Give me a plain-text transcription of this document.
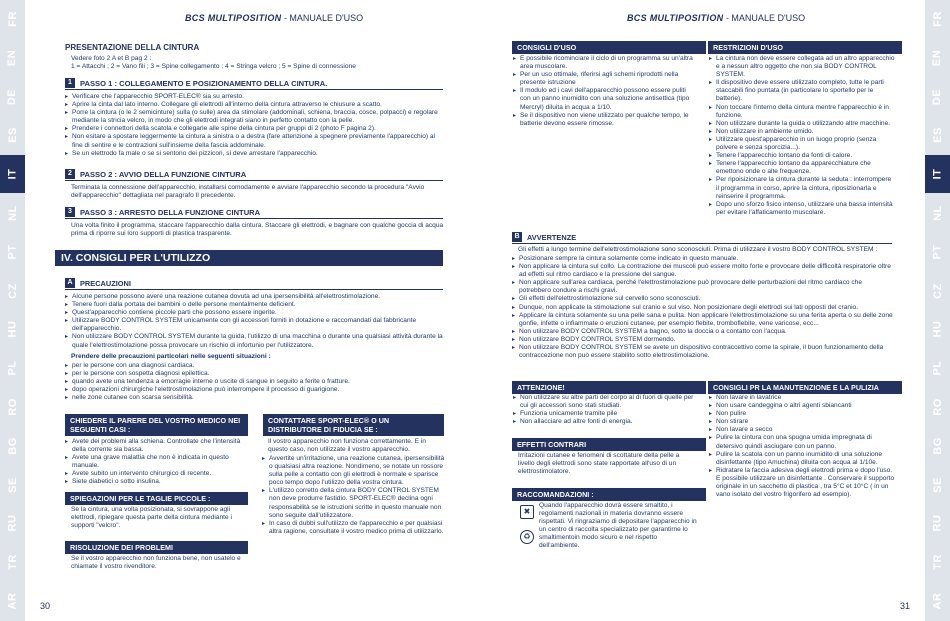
FR
EN
DE
ES
IT
NL
PT
CZ
HU
PL
RO
BG
SE
RU
TR
AR
FR
EN
DE
ES
IT
NL
PT
CZ
HU
PL
RO
BG
SE
RU
TR
AR
BCS MULTIPOSITION - MANUALE D'USO	BCS MULTIPOSITION - MANUALE D'USO
30	31
PRESENTAZIONE DELLA CINTURA

Vedere foto 2 A et B pag 2 :

1 = Attacchi ; 2 = Vano fili ; 3 = Spine collegamento ; 4 = Stringa velcro ; 5 = Spine di connessione

1	PASSO 1 : COLLEGAMENTO E POSIZIONAMENTO DELLA CINTURA.
▸ Verificare che l'apparecchio SPORT-ELEC® sia su arresto.
▸ Aprire la cinta dal lato interno. Collegare gli elettrodi all'interno della cintura attraverso le chiusure a scatto.
▸ Porre la cintura (o le 2 semicinture) sulla (o sulle) area da stimolare (addominali, schiena, braccia, cosce, polpacci) e regolare mediante la stricia velcro, in modo che gli elettrodi integrati siano in perfetto contatto con la pelle.
▸ Prendere i connettori della scatola e collegarle alle spine della cintura per gruppi di 2 (photo F pagina 2).
▸ Non esitare a spostare leggermente la cintura a sinistra o a destra (fare attenzione a spegnere previamente l'apparecchio) al fine di sentire e le contrazioni sull'insieme della fascia addominale.
▸ Se un elettrodo fa male o se si sentono dei pizzicori, si deve arrestare l'apparecchio.
2	PASSO 2 : AVVIO DELLA FUNZIONE CINTURA
Terminata la connessione dell'apparecchio, installarsi comodamente e avviare l'apparecchio secondo la procedura "Avvio dell'apparecchio" dettagliata nel paragrafo Il precedente.
3	PASSO 3 : ARRESTO DELLA FUNZIONE CINTURA
Una volta finito il programma, staccare l'apparecchio dalla cintura. Staccare gli elettrodi, e bagnare con qualche goccia di acqua prima di riporre sui loro supporti di plastica trasparente.
IV. CONSIGLI PER L'UTILIZZO
A	PRECAUZIONI
▸ Alcune persone possono avere una reazione cutanea dovuta ad una ipersensibilità all'elettrostimolazione.
▸ Tenere fuori dalla portata dei bambini o delle persone mentalmente deficient.
▸ Quest'apparecchio contiene piccole parti che possono essere ingerite.
▸ Utilizzare BODY CONTROL SYSTEM unicamente con gli accessori forniti in dotazione e raccomandati dal fabbricante dell'apparecchio.
▸ Non utilizzare BODY CONTROL SYSTEM durante la guida, l'utilizzo di una macchina o durante una qualsiasi attività durante la quale l'elettrostimolazione possa provocare un rischio di infortunio per l'utilizzatore.
Prendere delle precauzioni particolari nelle seguenti situazioni :
▸ per le persone con una diagnosi cardiaca.
▸ per le persone con sospetta diagnosi epilettica.
▸ quando avete una tendenza a emorragie interne o uscite di sangue in seguito a ferite o fratture.
▸ dopo operazioni chirurgiche l'elettrostimolazione può interrompere il processo di guarigione.
▸ nelle zone cutanee con scarsa sensibilità.
CHIEDERE IL PARERE DEL VOSTRO MEDICO NEI SEGUENTI CASI :
▸ Avete dei problemi alla schiena. Controllate che l'intensità della corrente sia bassa.
▸ Avete una grave malattia che non è indicata in questo manuale.
▸ Avete subito un intervento chirurgico di recente.
▸ Siete diabetici o sotto insulina.
SPIEGAZIONI PER LE TAGLIE PICCOLE :
Se la cintura, una volta posizionata, si sovrappone agli elettrodi, ripiegare questa parte della cintura mediante i supporti "velcro".
RISOLUZIONE DEI PROBLEMI
Se il vostro apparecchio non funziona bene, non usatelo e chiamate il vostro rivenditore.
CONTATTARE SPORT-ELEC® O UN DISTRIBUTORE DI FIDUCIA SE :
Il vostro apparecchio non funziona correttamente. E in questo caso, non utilizzate il vostro apparecchio.
▸ Avvertite un'irritazione, una reazione cutanea, ipersensibilità o qualsiasi altra reazione. Nondimeno, se notate un rossore sulla pelle a contatto con gli elettrodi è normale e sparisce poco tempo dopo l'utilizzo della vostra cintura.
▸ L'utilizzo corretto della cintura BODY CONTROL SYSTEM non deve produrre fastidio. SPORT-ELEC® declina ogni responsabilità se le istruzioni scritte in questo manuale non sono seguite dall'utilizzatore.
▸ In caso di dubbi sull'utilizzo de l'apparecchio e per qualsiasi altra ragione, consultate il vostro medico prima di utilizzarlo.
CONSIGLI D'USO
▸ E possibile ricominciare il ciclo di un programma su un'altra area muscolare.
▸ Per un uso ottimale, riferirsi agli schemi riprodotti nella presente istruzione
▸ Il modulo ed i cavi dell'apparecchio possono essere puliti con un panno inumidito con una soluzione antisettica (tipo Mercryl) diluita in acqua a 1/10.
▸ Se il dispositivo non viene utilizzato per qualche tempo, le batterie devono essere rimosse.
RESTRIZIONI D'USO
▸ La cintura non deve essere collegata ad un altro apparecchio e a nessun altro oggetto che non sia BODY CONTROL SYSTEM.
▸ Il dispositivo deve essere utilizzato completo, tutte le parti staccabili fino puntata (in particolare lo sportello per le batterie).
▸ Non toccare l'interno della cintura mentre l'apparecchio è in funzione.
▸ Non utilizzare durante la guida o utilizzando altre macchine.
▸ Non utilizzare in ambiente umido.
▸ Utilizzare quest'apparecchio in un luogo proprio (senza polvere e senza sporcizia...).
▸ Tenere l'apparecchio lontano da fonti di calore.
▸ Tenere l'apparecchio lontano da apparecchiature che emettono onde o alte frequenze.
▸ Per ripoisizionare la cintura durante la seduta : interrompere il programma in corso, aprire la cintura, riposizionarla e reinserire il programma.
▸ Dopo uno sforzo fisico intenso, utilizzare una bassa intensità per evitare l'affaticamento muscolare.
B	AVVERTENZE
Gli effetti a lungo termine dell'elettrostimolazione sono sconosciuti. Prima di utilizzare il vostro BODY CONTROL SYSTEM :
▸ Posizionare sempre la cintura solamente come indicato in questo manuale.
▸ Non applicare la cintura sul collo. La contrazione dei muscoli può essere molto forte e provocare delle difficoltà respiratorie oltre ad effetti sul ritmo cardiaco e la pressione del sangue.
▸ Non applicare sull'area cardiaca, perché l'elettrostimolazione può provocare delle perturbazioni del ritmo cardiaco che potrebbero condure a rischi gravi.
▸ Gli effetti dell'elettrostimolazione sul cervello sono sconosciuti.
▸ Dunque, non applicate la stimolazione sul cranio e sul viso. Non posizionare degli elettrodi sui lati opposti del cranio.
▸ Applicare la cintura solamente su una pelle sana e pulita. Non applicare l'elettrostimolazione su una ferita aperta o su delle zone gonfie, infette o infiammate o eruzioni cutanee, per esempio flebite, tromboflebite, vene varicose, ecc...
▸ Non utilizzare BODY CONTROL SYSTEM a bagno, sotto la doccia o a contatto con l'acqua.
▸ Non utilizzare BODY CONTROL SYSTEM dormendo.
▸ Non utilizzare BODY CONTROL SYSTEM se avete un dispositivo contraccettivo come la spirale, il buon funzionamento della contraccezione non può essere stabilito sotto elettrostimolazione.
ATTENZIONE!
▸ Non utilizzare su altre parti del corpo al di fuori di quelle per cui gli accessori sono stati studiati.
▸ Funziona unicamente tramite pile
▸ Non allacciare ad altre fonti di energia.
EFFETTI CONTRARI
Irritazioni cutanee e fenomeni di scottature della pelle a livello degli elettrodi sono state rapportate all'uso di un elettrostimolatore.
RACCOMANDAZIONI :
✖
♻
Quando l'apparecchio dovrà essere smaltito, i regolamenti nazionali in materia dovranno essere rispettati. Vi ringraziamo di depositare l'apparecchio in un centro di raccolta specializzato per garantirne lo smaltimentoin modo sicuro e nel rispetto dell'ambiente.
CONSIGLI PR LA MANUTENZIONE E LA PULIZIA
▸ Non lavare in lavatrice
▸ Non usare candeggina o altri agenti sbiancanti
▸ Non pulire
▸ Non stirare
▸ Non lavare a secco
▸ Pulire la cintura con una spugna umida impregnata di detersivo quindi asciugare con un panno.
▸ Pulire la scatola con un panno inumidito di una soluzione disinfettante (tipo Amuchina) diluita con acqua al 1/10e.
▸ Ridratare la faccia adesiva degli elettrodi prima e dopo l'uso. E possibile utilizzare un disinfettante . Conservare il supporto originale in un sacchetto di plastica , tra 5°C et 10°C ( in un vano isolato del vostro frigorifero ad esempio).
